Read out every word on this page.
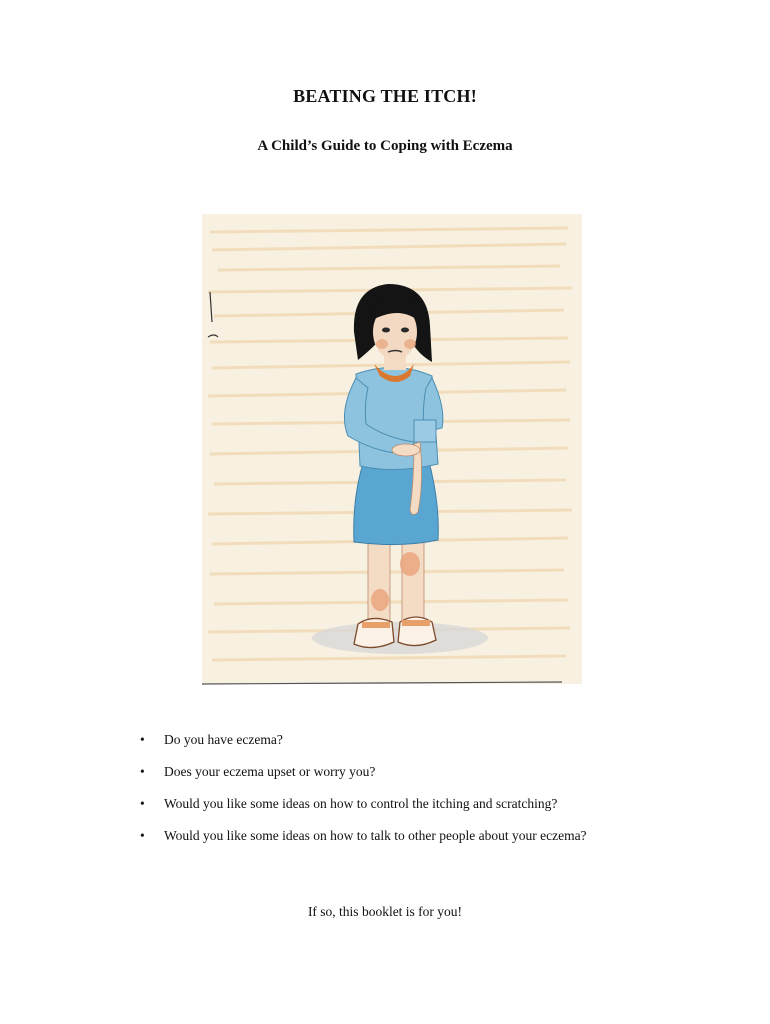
BEATING THE ITCH!
A Child’s Guide to Coping with Eczema
• Do you have eczema?
• Does your eczema upset or worry you?
• Would you like some ideas on how to control the itching and scratching?
• Would you like some ideas on how to talk to other people about your eczema?
If so, this booklet is for you!
